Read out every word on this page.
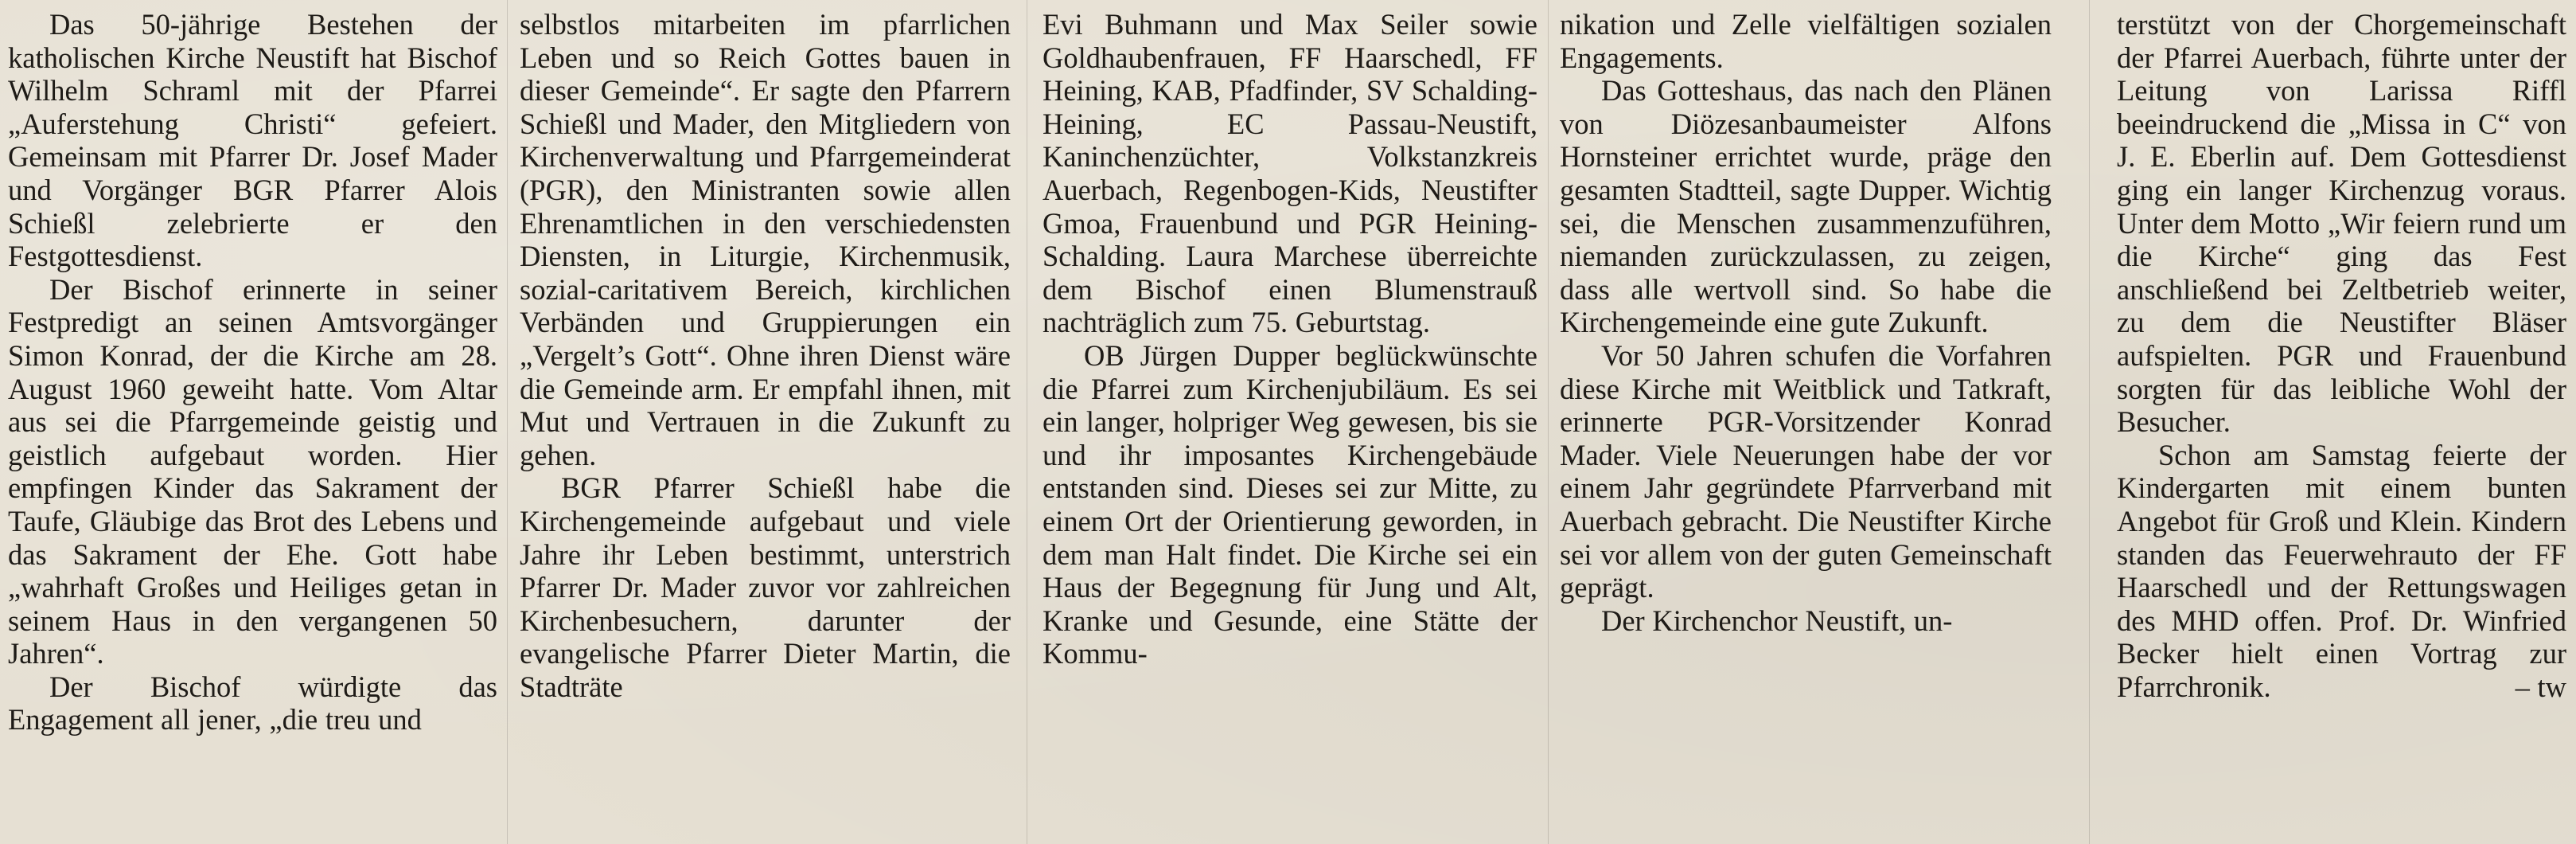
Das 50-jährige Bestehen der katholischen Kirche Neustift hat Bischof Wilhelm Schraml mit der Pfarrei „Auferstehung Christi“ gefeiert. Gemeinsam mit Pfarrer Dr. Josef Mader und Vorgänger BGR Pfarrer Alois Schießl zelebrierte er den Festgottesdienst.

Der Bischof erinnerte in seiner Festpredigt an seinen Amtsvorgänger Simon Konrad, der die Kirche am 28. August 1960 geweiht hatte. Vom Altar aus sei die Pfarrgemeinde geistig und geistlich aufgebaut worden. Hier empfingen Kinder das Sakrament der Taufe, Gläubige das Brot des Lebens und das Sakrament der Ehe. Gott habe „wahrhaft Großes und Heiliges getan in seinem Haus in den vergangenen 50 Jahren“.

Der Bischof würdigte das Engagement all jener, „die treu und

selbstlos mitarbeiten im pfarrlichen Leben und so Reich Gottes bauen in dieser Gemeinde“. Er sagte den Pfarrern Schießl und Mader, den Mitgliedern von Kirchenverwaltung und Pfarrgemeinderat (PGR), den Ministranten sowie allen Ehrenamtlichen in den verschiedensten Diensten, in Liturgie, Kirchenmusik, sozial-caritativem Bereich, kirchlichen Verbänden und Gruppierungen ein „Vergelt’s Gott“. Ohne ihren Dienst wäre die Gemeinde arm. Er empfahl ihnen, mit Mut und Vertrauen in die Zukunft zu gehen.

BGR Pfarrer Schießl habe die Kirchengemeinde aufgebaut und viele Jahre ihr Leben bestimmt, unterstrich Pfarrer Dr. Mader zuvor vor zahlreichen Kirchenbesuchern, darunter der evangelische Pfarrer Dieter Martin, die Stadträte

Evi Buhmann und Max Seiler sowie Goldhaubenfrauen, FF Haarschedl, FF Heining, KAB, Pfadfinder, SV Schalding-Heining, EC Passau-Neustift, Kaninchenzüchter, Volkstanzkreis Auerbach, Regenbogen-Kids, Neustifter Gmoa, Frauenbund und PGR Heining-Schalding. Laura Marchese überreichte dem Bischof einen Blumenstrauß nachträglich zum 75. Geburtstag.

OB Jürgen Dupper beglückwünschte die Pfarrei zum Kirchenjubiläum. Es sei ein langer, holpriger Weg gewesen, bis sie und ihr imposantes Kirchengebäude entstanden sind. Dieses sei zur Mitte, zu einem Ort der Orientierung geworden, in dem man Halt findet. Die Kirche sei ein Haus der Begegnung für Jung und Alt, Kranke und Gesunde, eine Stätte der Kommu-

nikation und Zelle vielfältigen sozialen Engagements.

Das Gotteshaus, das nach den Plänen von Diözesanbaumeister Alfons Hornsteiner errichtet wurde, präge den gesamten Stadtteil, sagte Dupper. Wichtig sei, die Menschen zusammenzuführen, niemanden zurückzulassen, zu zeigen, dass alle wertvoll sind. So habe die Kirchengemeinde eine gute Zukunft.

Vor 50 Jahren schufen die Vorfahren diese Kirche mit Weitblick und Tatkraft, erinnerte PGR-Vorsitzender Konrad Mader. Viele Neuerungen habe der vor einem Jahr gegründete Pfarrverband mit Auerbach gebracht. Die Neustifter Kirche sei vor allem von der guten Gemeinschaft geprägt.

Der Kirchenchor Neustift, un-

terstützt von der Chorgemeinschaft der Pfarrei Auerbach, führte unter der Leitung von Larissa Riffl beeindruckend die „Missa in C“ von J. E. Eberlin auf. Dem Gottesdienst ging ein langer Kirchenzug voraus. Unter dem Motto „Wir feiern rund um die Kirche“ ging das Fest anschließend bei Zeltbetrieb weiter, zu dem die Neustifter Bläser aufspielten. PGR und Frauenbund sorgten für das leibliche Wohl der Besucher.

Schon am Samstag feierte der Kindergarten mit einem bunten Angebot für Groß und Klein. Kindern standen das Feuerwehrauto der FF Haarschedl und der Rettungswagen des MHD offen. Prof. Dr. Winfried Becker hielt einen Vortrag zur Pfarrchronik.	– tw
